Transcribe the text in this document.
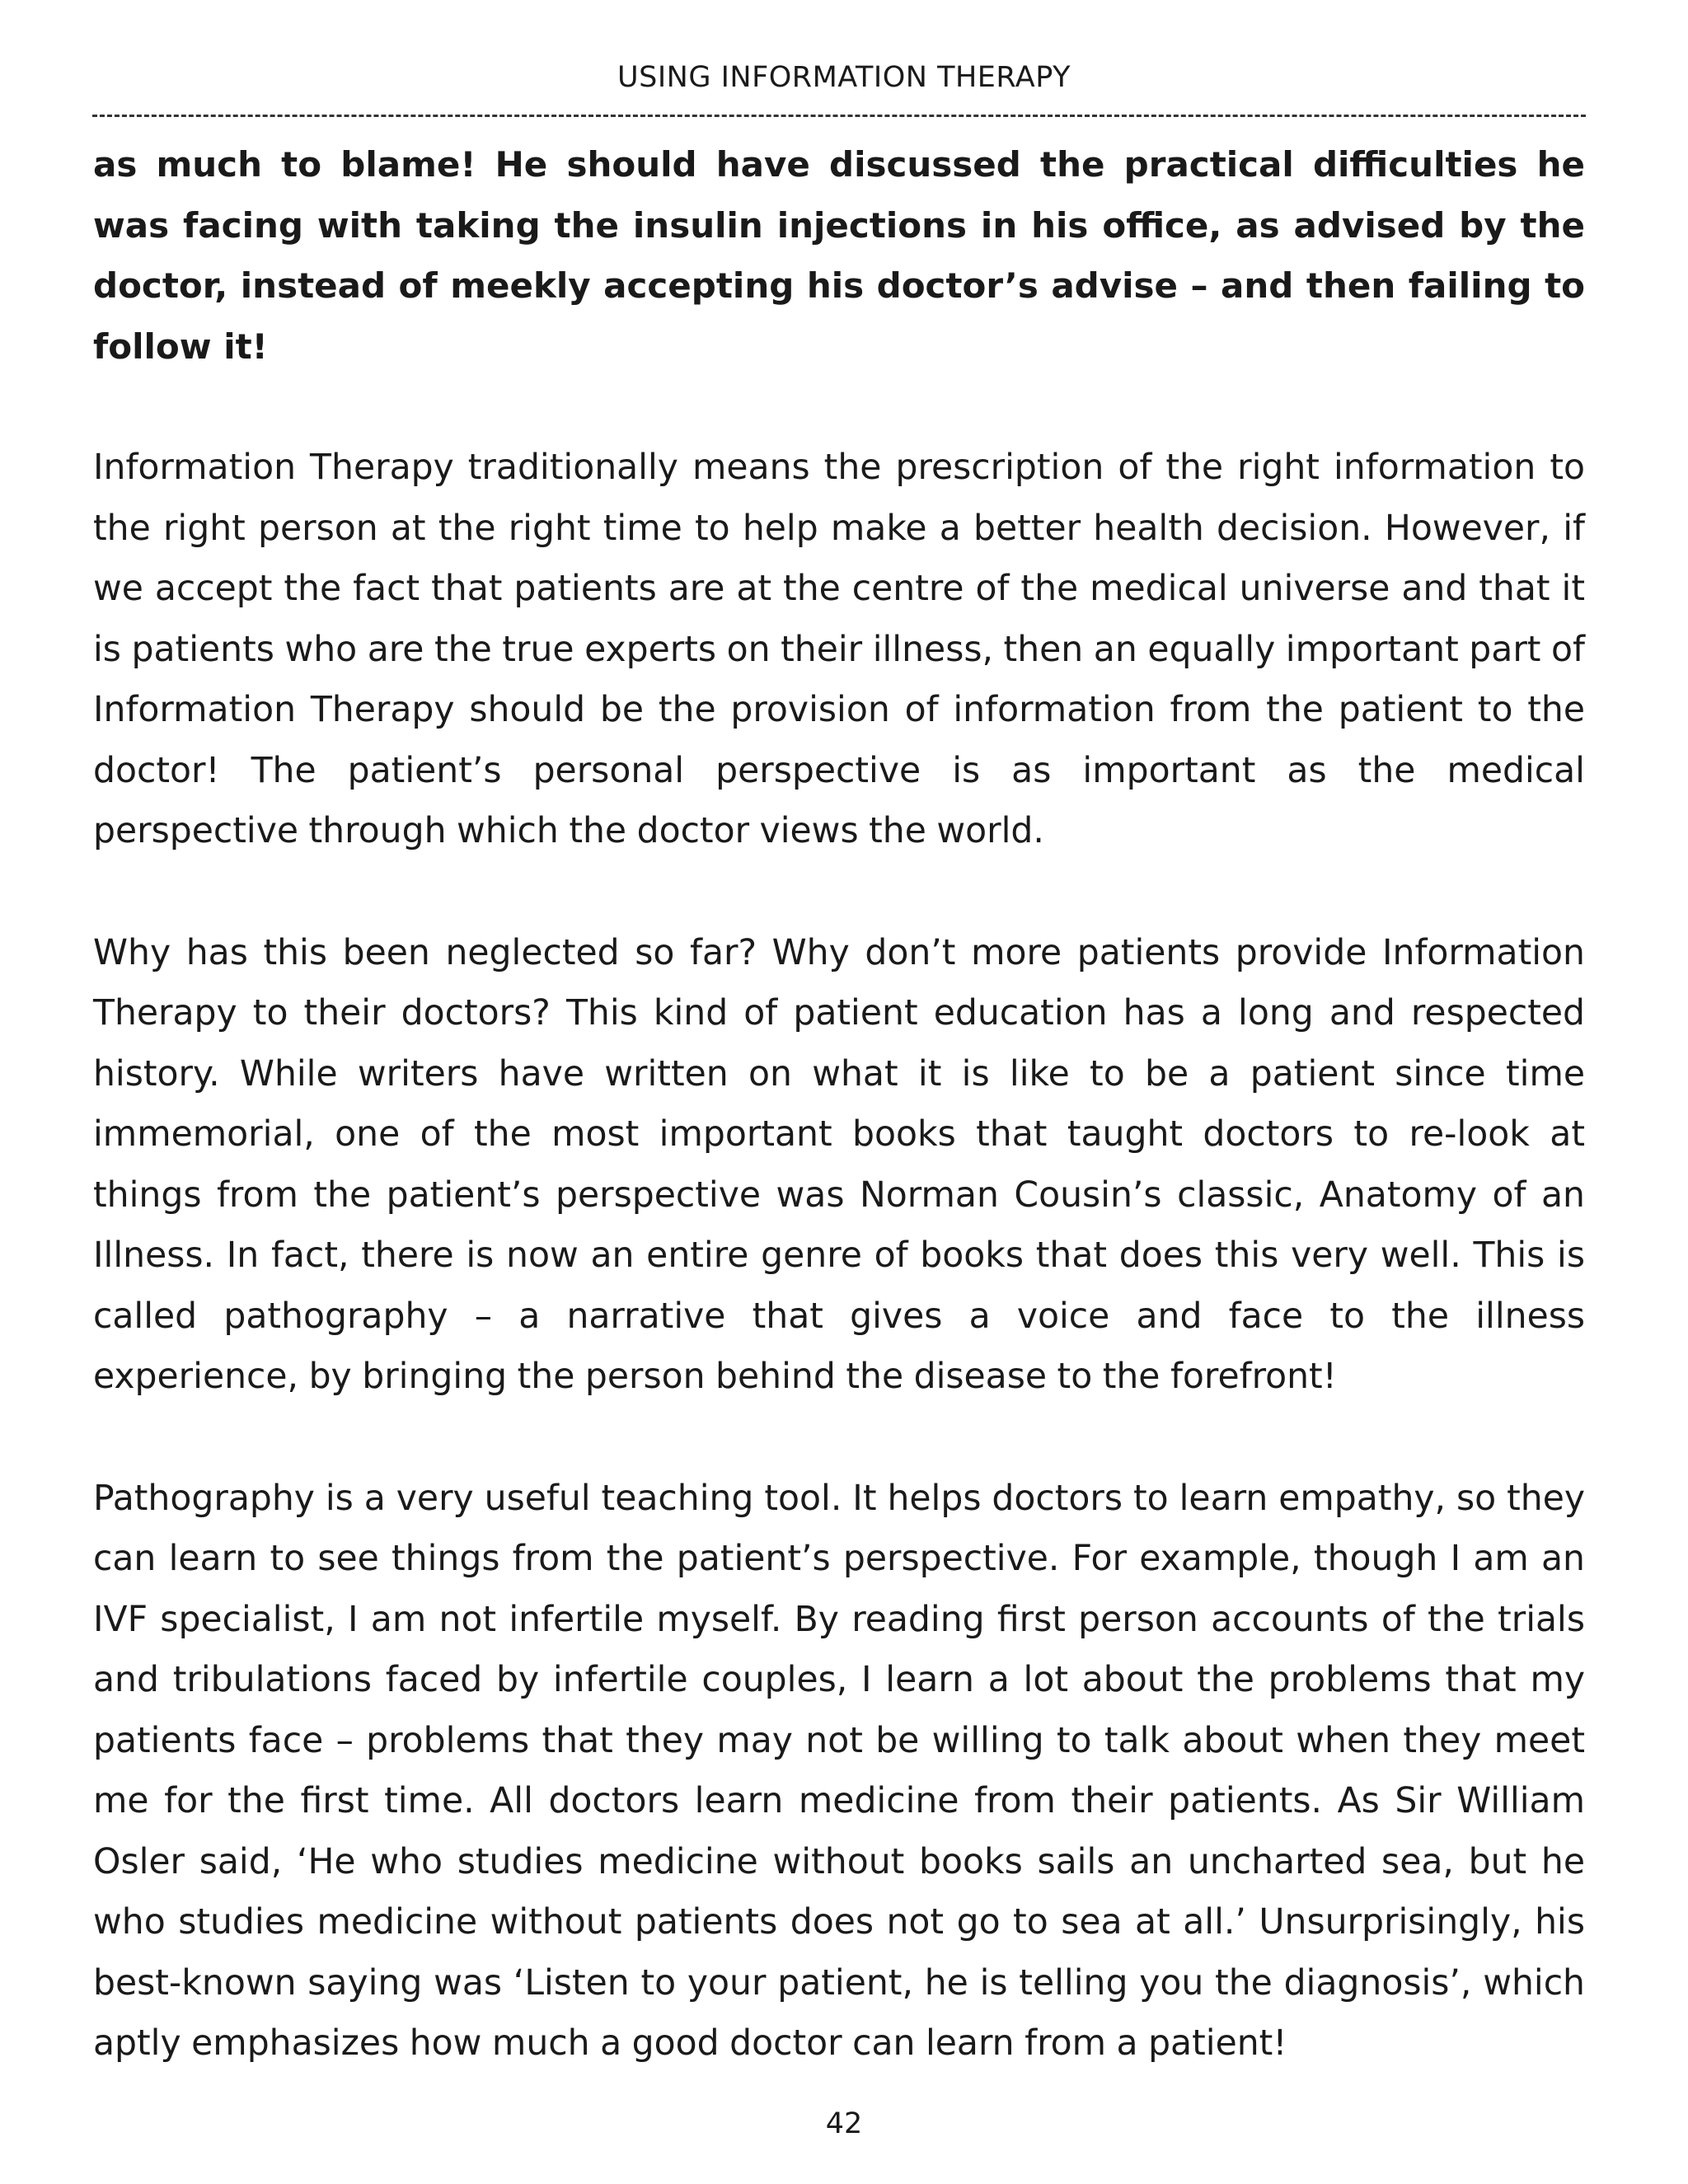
USING INFORMATION THERAPY

as much to blame! He should have discussed the practical difficulties he was facing with taking the insulin injections in his office, as advised by the doctor, instead of meekly accepting his doctor’s advise – and then failing to follow it!

Information Therapy traditionally means the prescription of the right information to the right person at the right time to help make a better health decision. However, if we accept the fact that patients are at the centre of the medical universe and that it is patients who are the true experts on their illness, then an equally important part of Information Therapy should be the provision of information from the patient to the doctor! The patient’s personal perspective is as important as the medical perspective through which the doctor views the world.

Why has this been neglected so far? Why don’t more patients provide Information Therapy to their doctors? This kind of patient education has a long and respected history. While writers have written on what it is like to be a patient since time immemorial, one of the most important books that taught doctors to re-look at things from the patient’s perspective was Norman Cousin’s classic, Anatomy of an Illness. In fact, there is now an entire genre of books that does this very well. This is called pathography – a narrative that gives a voice and face to the illness experience, by bringing the person behind the disease to the forefront!

Pathography is a very useful teaching tool. It helps doctors to learn empathy, so they can learn to see things from the patient’s perspective. For example, though I am an IVF specialist, I am not infertile myself. By reading first person accounts of the trials and tribulations faced by infertile couples, I learn a lot about the problems that my patients face – problems that they may not be willing to talk about when they meet me for the first time. All doctors learn medicine from their patients. As Sir William Osler said, ‘He who studies medicine without books sails an uncharted sea, but he who studies medicine without patients does not go to sea at all.’ Unsurprisingly, his best-known saying was ‘Listen to your patient, he is telling you the diagnosis’, which aptly emphasizes how much a good doctor can learn from a patient!

42
